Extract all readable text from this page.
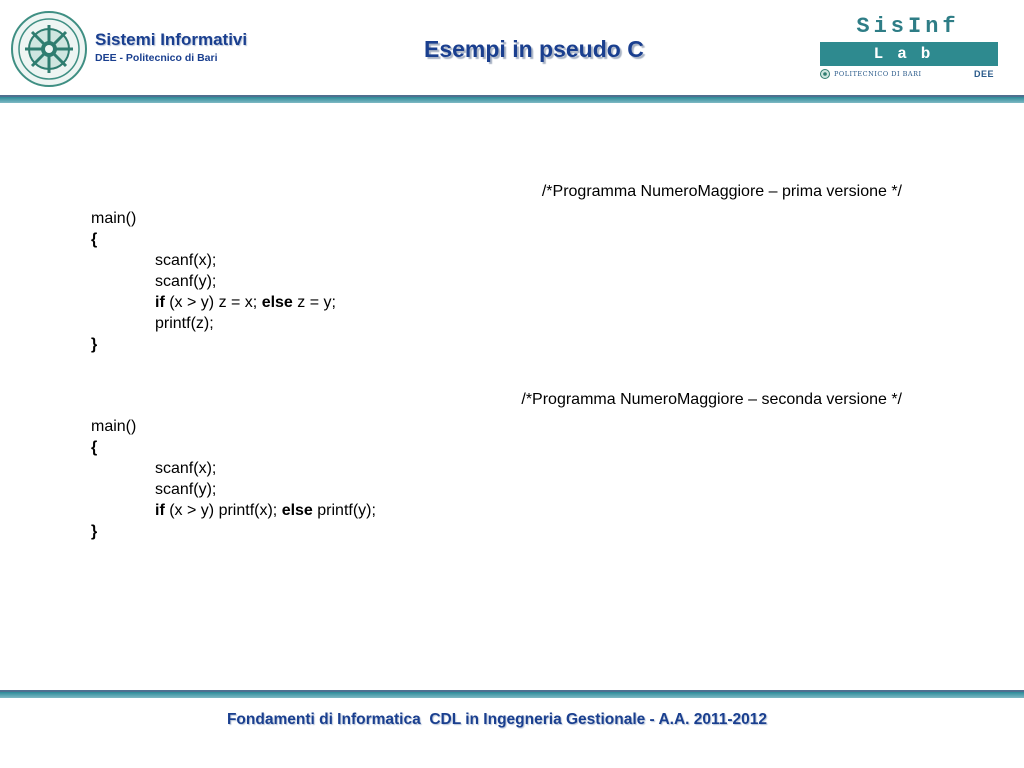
Sistemi Informativi
DEE - Politecnico di Bari	Esempi in pseudo C
SisInf
Lab
POLITECNICO DI BARI	DEE
/*Programma NumeroMaggiore – prima versione */
main()
{
scanf(x);
scanf(y);
if (x > y) z = x; else z = y;
printf(z);
}
/*Programma NumeroMaggiore – seconda versione */
main()
{
scanf(x);
scanf(y);
if (x > y) printf(x); else printf(y);
}
Fondamenti di Informatica  CDL in Ingegneria Gestionale - A.A. 2011-2012
